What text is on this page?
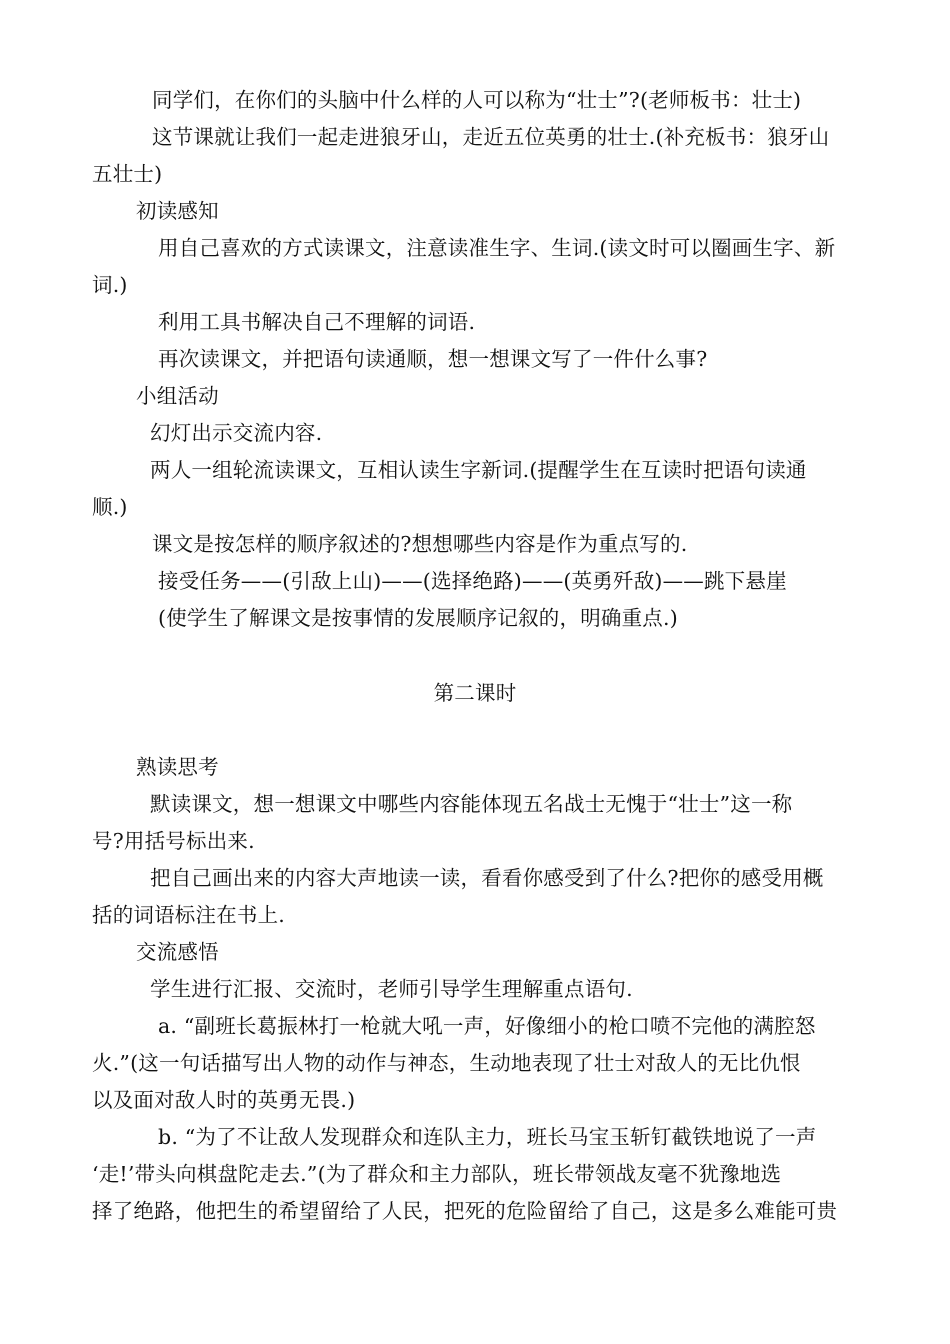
同学们，在你们的头脑中什么样的人可以称为“壮士”?(老师板书：壮士)
这节课就让我们一起走进狼牙山，走近五位英勇的壮士.(补充板书：狼牙山
五壮士)
初读感知
用自己喜欢的方式读课文，注意读准生字、生词.(读文时可以圈画生字、新
词.)
利用工具书解决自己不理解的词语.
再次读课文，并把语句读通顺，想一想课文写了一件什么事?
小组活动
幻灯出示交流内容.
两人一组轮流读课文，互相认读生字新词.(提醒学生在互读时把语句读通
顺.)
课文是按怎样的顺序叙述的?想想哪些内容是作为重点写的.
接受任务——(引敌上山)——(选择绝路)——(英勇歼敌)——跳下悬崖
(使学生了解课文是按事情的发展顺序记叙的，明确重点.)
第二课时
熟读思考
默读课文，想一想课文中哪些内容能体现五名战士无愧于“壮士”这一称
号?用括号标出来.
把自己画出来的内容大声地读一读，看看你感受到了什么?把你的感受用概
括的词语标注在书上.
交流感悟
学生进行汇报、交流时，老师引导学生理解重点语句.
a. “副班长葛振林打一枪就大吼一声，好像细小的枪口喷不完他的满腔怒
火.”(这一句话描写出人物的动作与神态，生动地表现了壮士对敌人的无比仇恨
以及面对敌人时的英勇无畏.)
b. “为了不让敌人发现群众和连队主力，班长马宝玉斩钉截铁地说了一声
‘走!’带头向棋盘陀走去.”(为了群众和主力部队，班长带领战友毫不犹豫地选
择了绝路，他把生的希望留给了人民，把死的危险留给了自己，这是多么难能可贵
